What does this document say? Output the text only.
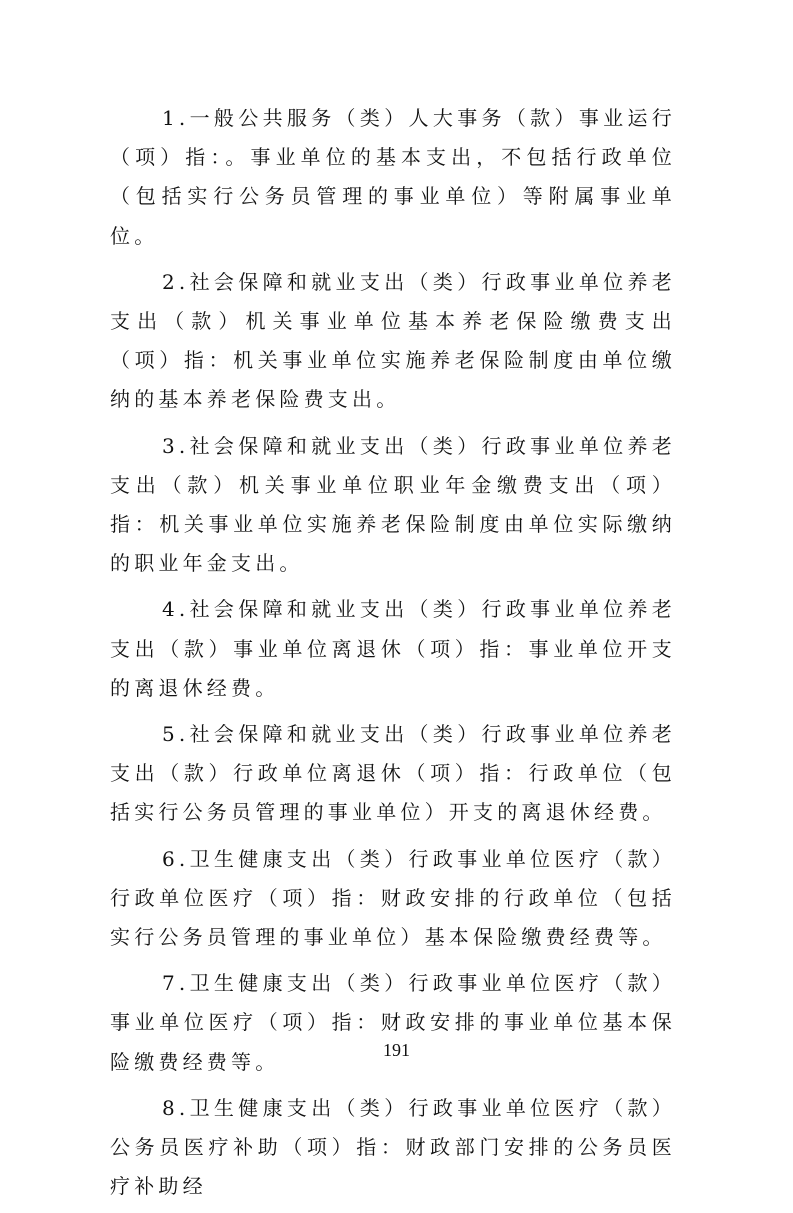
1.一般公共服务（类）人大事务（款）事业运行（项）指：。事业单位的基本支出，不包括行政单位（包括实行公务员管理的事业单位）等附属事业单位。

2.社会保障和就业支出（类）行政事业单位养老支出（款）机关事业单位基本养老保险缴费支出（项）指：机关事业单位实施养老保险制度由单位缴纳的基本养老保险费支出。

3.社会保障和就业支出（类）行政事业单位养老支出（款）机关事业单位职业年金缴费支出（项）指：机关事业单位实施养老保险制度由单位实际缴纳的职业年金支出。

4.社会保障和就业支出（类）行政事业单位养老支出（款）事业单位离退休（项）指：事业单位开支的离退休经费。

5.社会保障和就业支出（类）行政事业单位养老支出（款）行政单位离退休（项）指：行政单位（包括实行公务员管理的事业单位）开支的离退休经费。

6.卫生健康支出（类）行政事业单位医疗（款）行政单位医疗（项）指：财政安排的行政单位（包括实行公务员管理的事业单位）基本保险缴费经费等。

7.卫生健康支出（类）行政事业单位医疗（款）事业单位医疗（项）指：财政安排的事业单位基本保险缴费经费等。

8.卫生健康支出（类）行政事业单位医疗（款）公务员医疗补助（项）指：财政部门安排的公务员医疗补助经

191
